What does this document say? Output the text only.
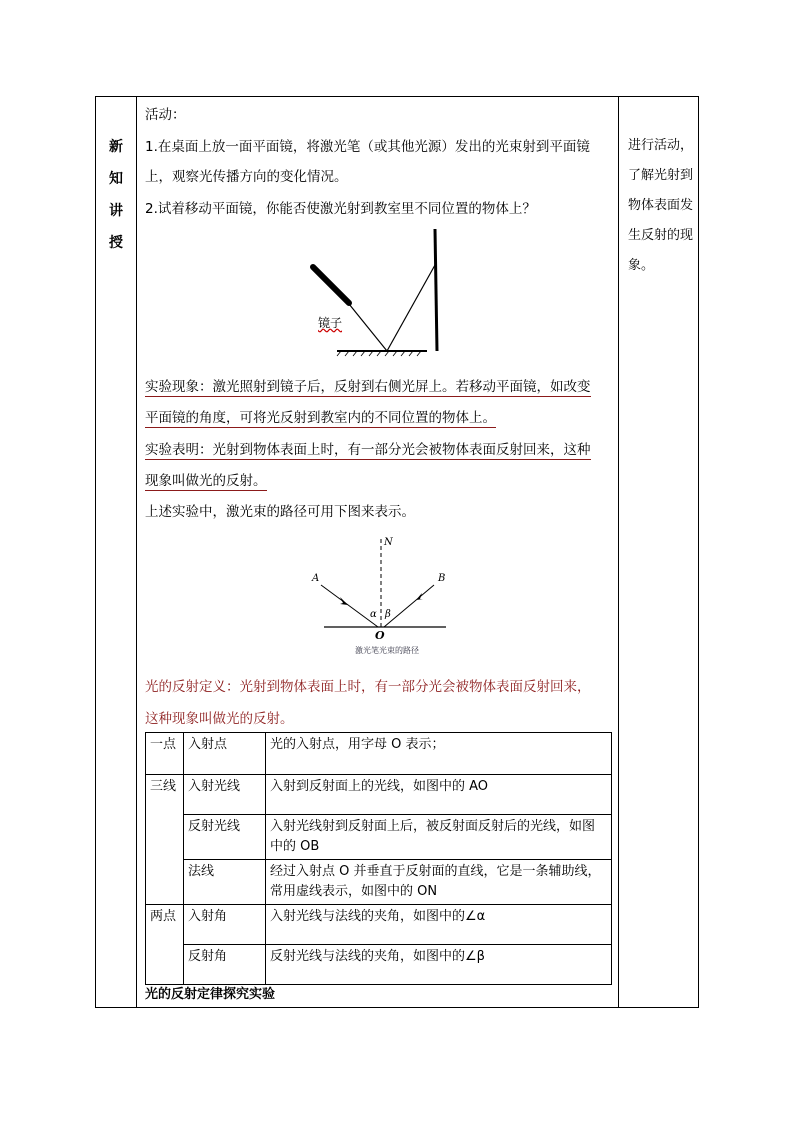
新
知
讲
授
活动：
1.在桌面上放一面平面镜，将激光笔（或其他光源）发出的光束射到平面镜
上，观察光传播方向的变化情况。
2.试着移动平面镜，你能否使激光射到教室里不同位置的物体上？
镜子
实验现象：激光照射到镜子后，反射到右侧光屏上。若移动平面镜，如改变
平面镜的角度，可将光反射到教室内的不同位置的物体上。
实验表明：光射到物体表面上时，有一部分光会被物体表面反射回来，这种
现象叫做光的反射。
上述实验中，激光束的路径可用下图来表示。
N
A	B
α β
O
激光笔光束的路径
光的反射定义：光射到物体表面上时，有一部分光会被物体表面反射回来，
这种现象叫做光的反射。
一点	入射点	光的入射点，用字母 O 表示；
三线	入射光线	入射到反射面上的光线，如图中的 AO
	反射光线	入射光线射到反射面上后，被反射面反射后的光线，如图中的 OB
	法线	经过入射点 O 并垂直于反射面的直线，它是一条辅助线，常用虚线表示，如图中的 ON
两点	入射角	入射光线与法线的夹角，如图中的∠α
	反射角	反射光线与法线的夹角，如图中的∠β
光的反射定律探究实验
进行活动，了解光射到物体表面发生反射的现象。
